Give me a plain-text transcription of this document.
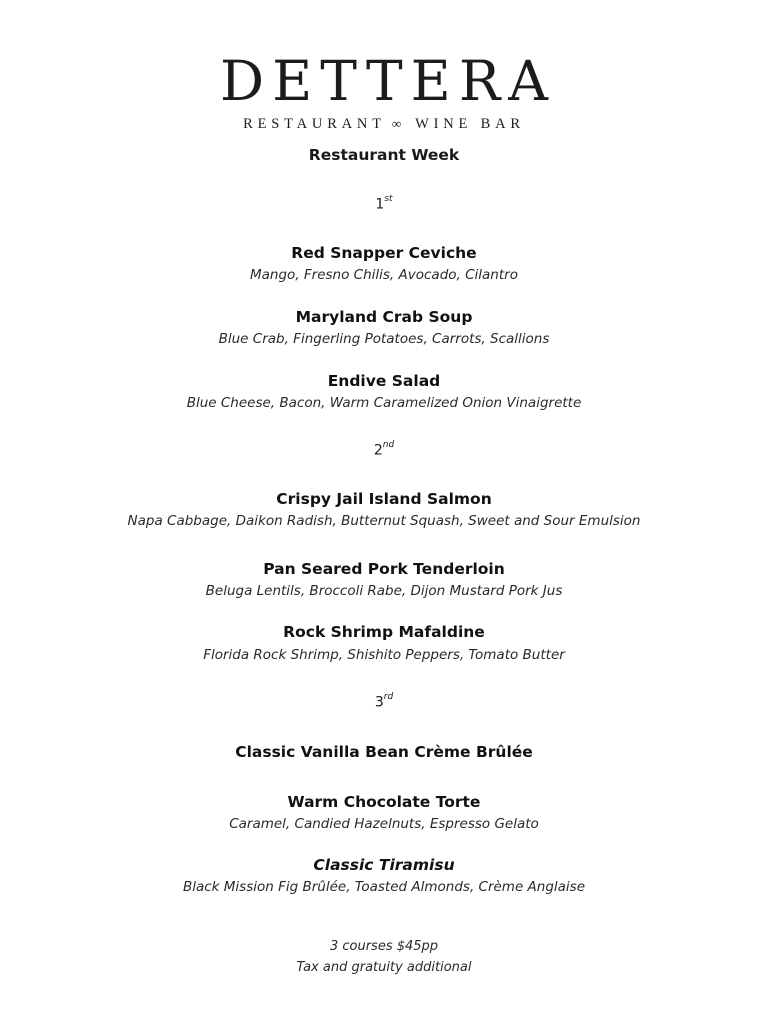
DETTERA
RESTAURANT ∞ WINE BAR
Restaurant Week
1st
Red Snapper Ceviche
Mango, Fresno Chilis, Avocado, Cilantro
Maryland Crab Soup
Blue Crab, Fingerling Potatoes, Carrots, Scallions
Endive Salad
Blue Cheese, Bacon, Warm Caramelized Onion Vinaigrette
2nd
Crispy Jail Island Salmon
Napa Cabbage, Daikon Radish, Butternut Squash, Sweet and Sour Emulsion
Pan Seared Pork Tenderloin
Beluga Lentils, Broccoli Rabe, Dijon Mustard Pork Jus
Rock Shrimp Mafaldine
Florida Rock Shrimp, Shishito Peppers, Tomato Butter
3rd
Classic Vanilla Bean Crème Brûlée
Warm Chocolate Torte
Caramel, Candied Hazelnuts, Espresso Gelato
Classic Tiramisu
Black Mission Fig Brûlée, Toasted Almonds, Crème Anglaise
3 courses $45pp
Tax and gratuity additional
